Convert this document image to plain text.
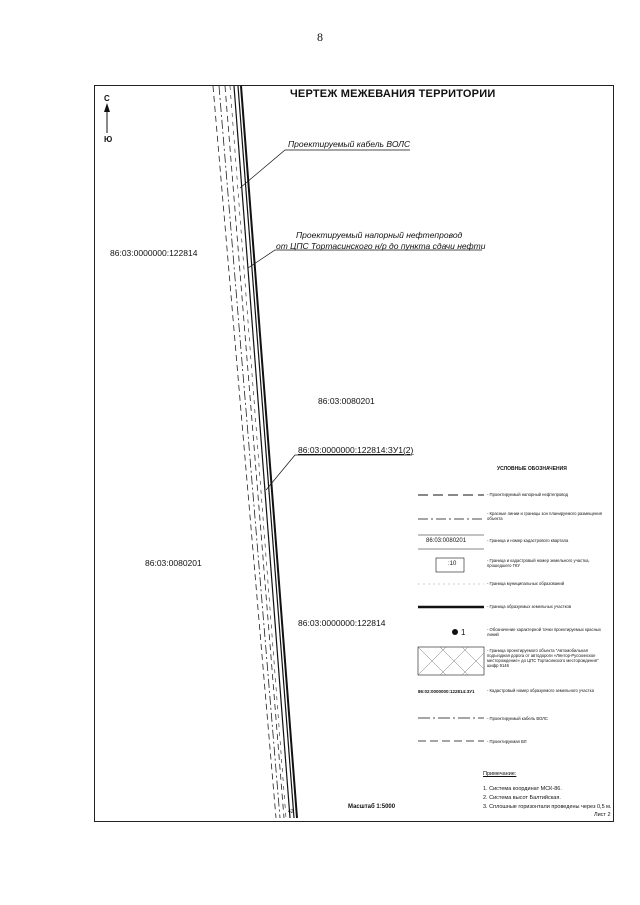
8
ЧЕРТЕЖ МЕЖЕВАНИЯ ТЕРРИТОРИИ
С
Ю	Проектируемый кабель ВОЛС
Проектируемый напорный нефтепровод
от ЦПС Тортасинского н/р до пункта сдачи нефти
86:03:0000000:122814
86:03:0080201
86:03:0000000:122814:ЗУ1(2)
86:03:0080201
86:03:0000000:122814
42
УСЛОВНЫЕ ОБОЗНАЧЕНИЯ
86:03:0080201
:10
1
86:02:0000000:122814:ЗУ1
- Проектируемый напорный нефтепровод
- Красные линии и границы зон планируемого размещения объекта
- Граница и номер кадастрового квартала
- Граница и кадастровый номер земельного участка, прошедшего ГКУ
- Граница муниципальных образований
- Граница образуемых земельных участков
- Обозначение характерной точки проектируемых красных линий
- Граница проектируемого объекта "Автомобильная подъездная дорога от автодороги «Лянтор-Русскинское месторождение» до ЦПС Тортасинского месторождения" шифр 9146
- Кадастровый номер образуемого земельного участка
- Проектируемый кабель ВОЛС
- Проектируемая ВЛ
Примечание:
1. Система координат МСК-86.
2. Система высот Балтийская.
3. Сплошные горизонтали проведены через 0,5 м.
Масштаб 1:5000
Лист 2
